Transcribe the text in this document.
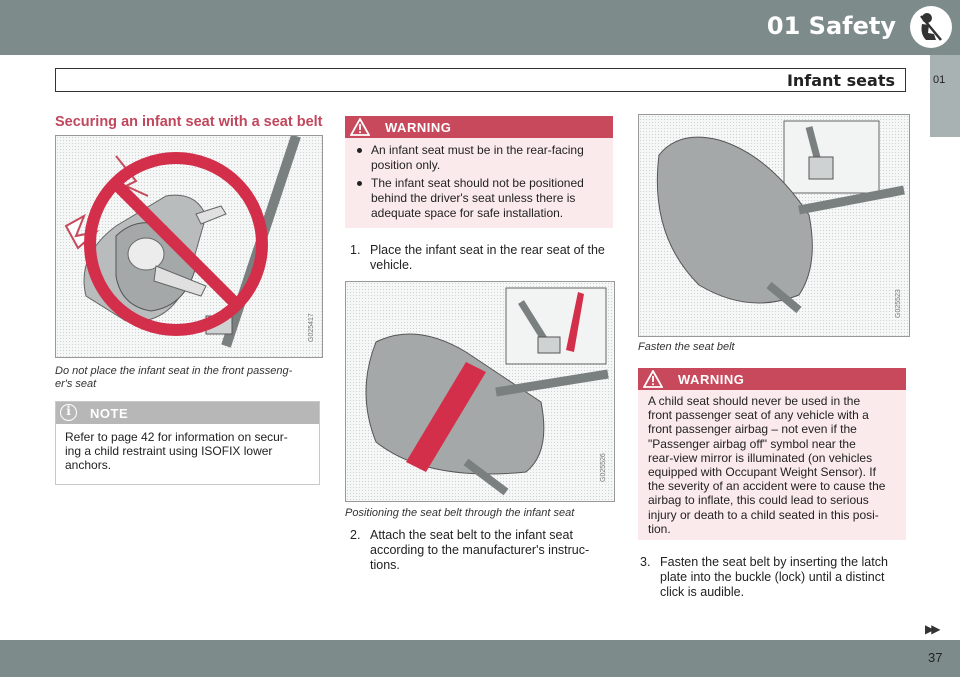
01 Safety
Infant seats	01
Securing an infant seat with a seat belt
G025417
Do not place the infant seat in the front passeng-
er's seat
i	NOTE
Refer to page 42 for information on secur-
ing a child restraint using ISOFIX lower
anchors.
WARNING
An infant seat must be in the rear-facing
position only.
The infant seat should not be positioned
behind the driver's seat unless there is
adequate space for safe installation.
1. Place the infant seat in the rear seat of the
vehicle.
G025526
Positioning the seat belt through the infant seat
2. Attach the seat belt to the infant seat
according to the manufacturer's instruc-
tions.
G025523
Fasten the seat belt
WARNING
A child seat should never be used in the
front passenger seat of any vehicle with a
front passenger airbag – not even if the
"Passenger airbag off" symbol near the
rear-view mirror is illuminated (on vehicles
equipped with Occupant Weight Sensor). If
the severity of an accident were to cause the
airbag to inflate, this could lead to serious
injury or death to a child seated in this posi-
tion.
3. Fasten the seat belt by inserting the latch
plate into the buckle (lock) until a distinct
click is audible.
▶▶
37
